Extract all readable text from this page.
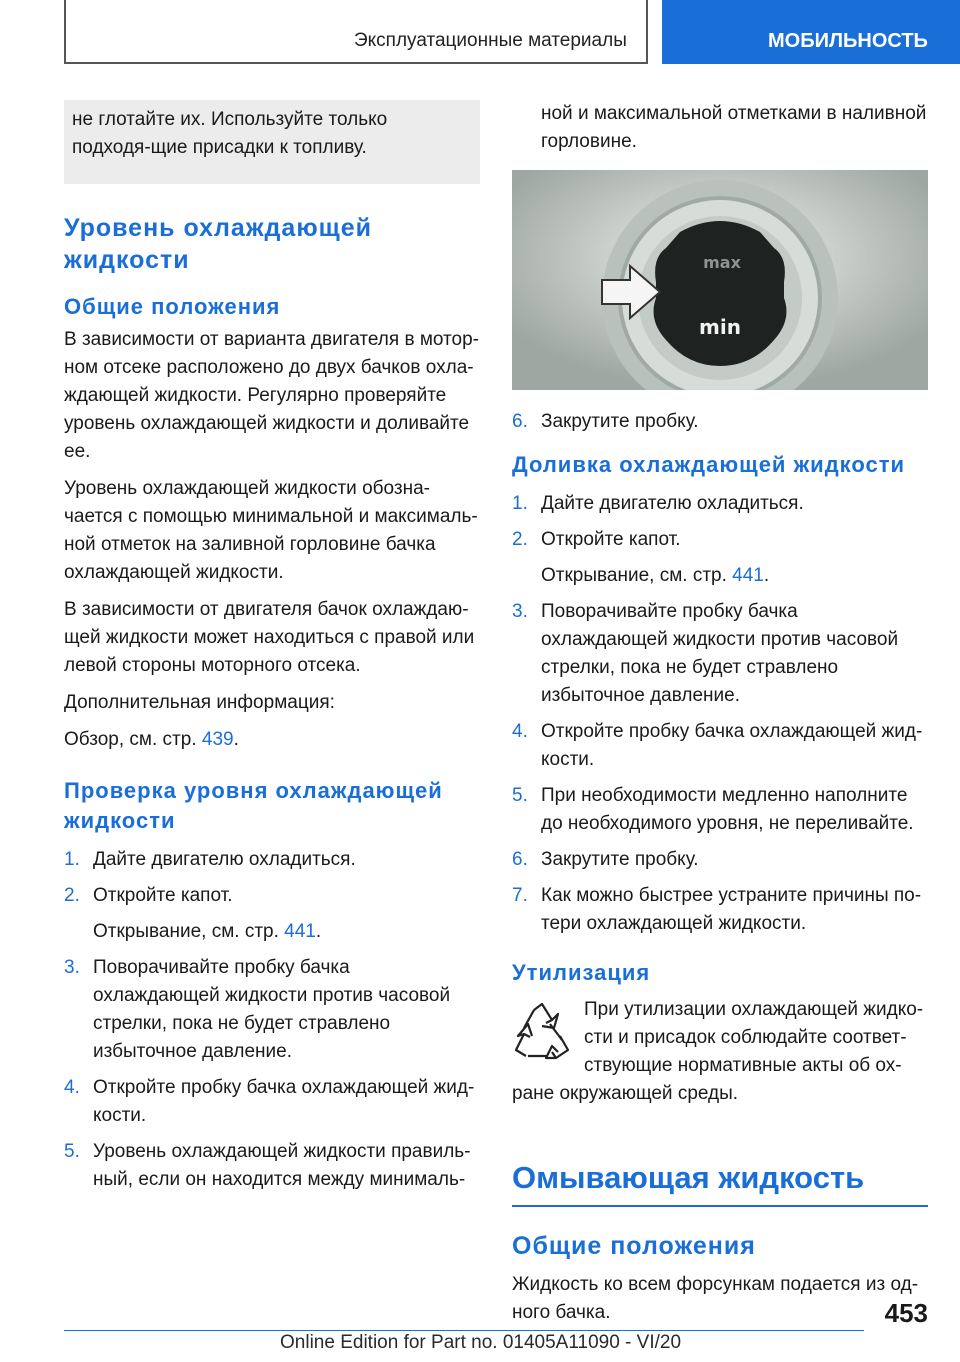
Эксплуатационные материалы	МОБИЛЬНОСТЬ

не глотайте их. Используйте только подходя-щие присадки к топливу.

Уровень охлаждающей жидкости
Общие положения

В зависимости от варианта двигателя в мотор-ном отсеке расположено до двух бачков охла-ждающей жидкости. Регулярно проверяйте уровень охлаждающей жидкости и доливайте ее.

Уровень охлаждающей жидкости обозна-чается с помощью минимальной и максималь-ной отметок на заливной горловине бачка охлаждающей жидкости.

В зависимости от двигателя бачок охлаждаю-щей жидкости может находиться с правой или левой стороны моторного отсека.

Дополнительная информация:

Обзор, см. стр. 439.

Проверка уровня охлаждающей жидкости
1. Дайте двигателю охладиться.
2. Откройте капот.
Открывание, см. стр. 441.
3. Поворачивайте пробку бачка охлаждающей жидкости против часовой стрелки, пока не будет стравлено избыточное давление.
4. Откройте пробку бачка охлаждающей жид-кости.
5. Уровень охлаждающей жидкости правиль-ный, если он находится между минималь-

ной и максимальной отметками в наливной горловине.

max
min
6. Закрутите пробку.
Доливка охлаждающей жидкости
1. Дайте двигателю охладиться.
2. Откройте капот.
Открывание, см. стр. 441.
3. Поворачивайте пробку бачка охлаждающей жидкости против часовой стрелки, пока не будет стравлено избыточное давление.
4. Откройте пробку бачка охлаждающей жид-кости.
5. При необходимости медленно наполните до необходимого уровня, не переливайте.
6. Закрутите пробку.
7. Как можно быстрее устраните причины по-тери охлаждающей жидкости.
Утилизация

При утилизации охлаждающей жидко-сти и присадок соблюдайте соответ-ствующие нормативные акты об ох-ране окружающей среды.

Омывающая жидкость
Общие положения

Жидкость ко всем форсункам подается из од-ного бачка.	453
Online Edition for Part no. 01405A11090 - VI/20
